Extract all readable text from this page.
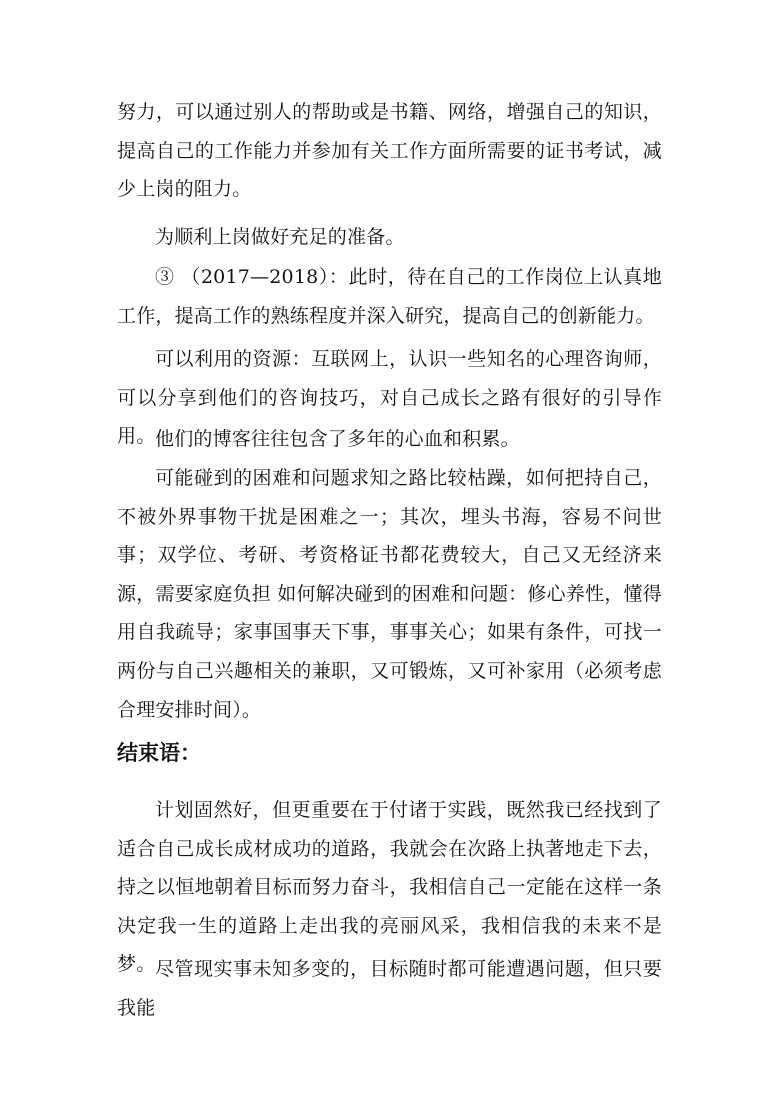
努力，可以通过别人的帮助或是书籍、网络，增强自己的知识，提高自己的工作能力并参加有关工作方面所需要的证书考试，减少上岗的阻力。

为顺利上岗做好充足的准备。

③ （2017—2018）：此时，待在自己的工作岗位上认真地工作，提高工作的熟练程度并深入研究，提高自己的创新能力。

可以利用的资源：互联网上，认识一些知名的心理咨询师，可以分享到他们的咨询技巧，对自己成长之路有很好的引导作用。 他们的博客往往包含了多年的心血和积累。

可能碰到的困难和问题求知之路比较枯躁，如何把持自己，不被外界事物干扰是困难之一；其次，埋头书海，容易不问世事；双学位、考研、考资格证书都花费较大，自己又无经济来源，需要家庭负担 如何解决碰到的困难和问题：修心养性，懂得用自我疏导；家事国事天下事，事事关心；如果有条件，可找一两份与自己兴趣相关的兼职，又可锻炼，又可补家用（必须考虑合理安排时间）。

结束语：

计划固然好，但更重要在于付诸于实践，既然我已经找到了适合自己成长成材成功的道路，我就会在次路上执著地走下去，持之以恒地朝着目标而努力奋斗，我相信自己一定能在这样一条决定我一生的道路上走出我的亮丽风采，我相信我的未来不是梦。 尽管现实事未知多变的，目标随时都可能遭遇问题，但只要我能
